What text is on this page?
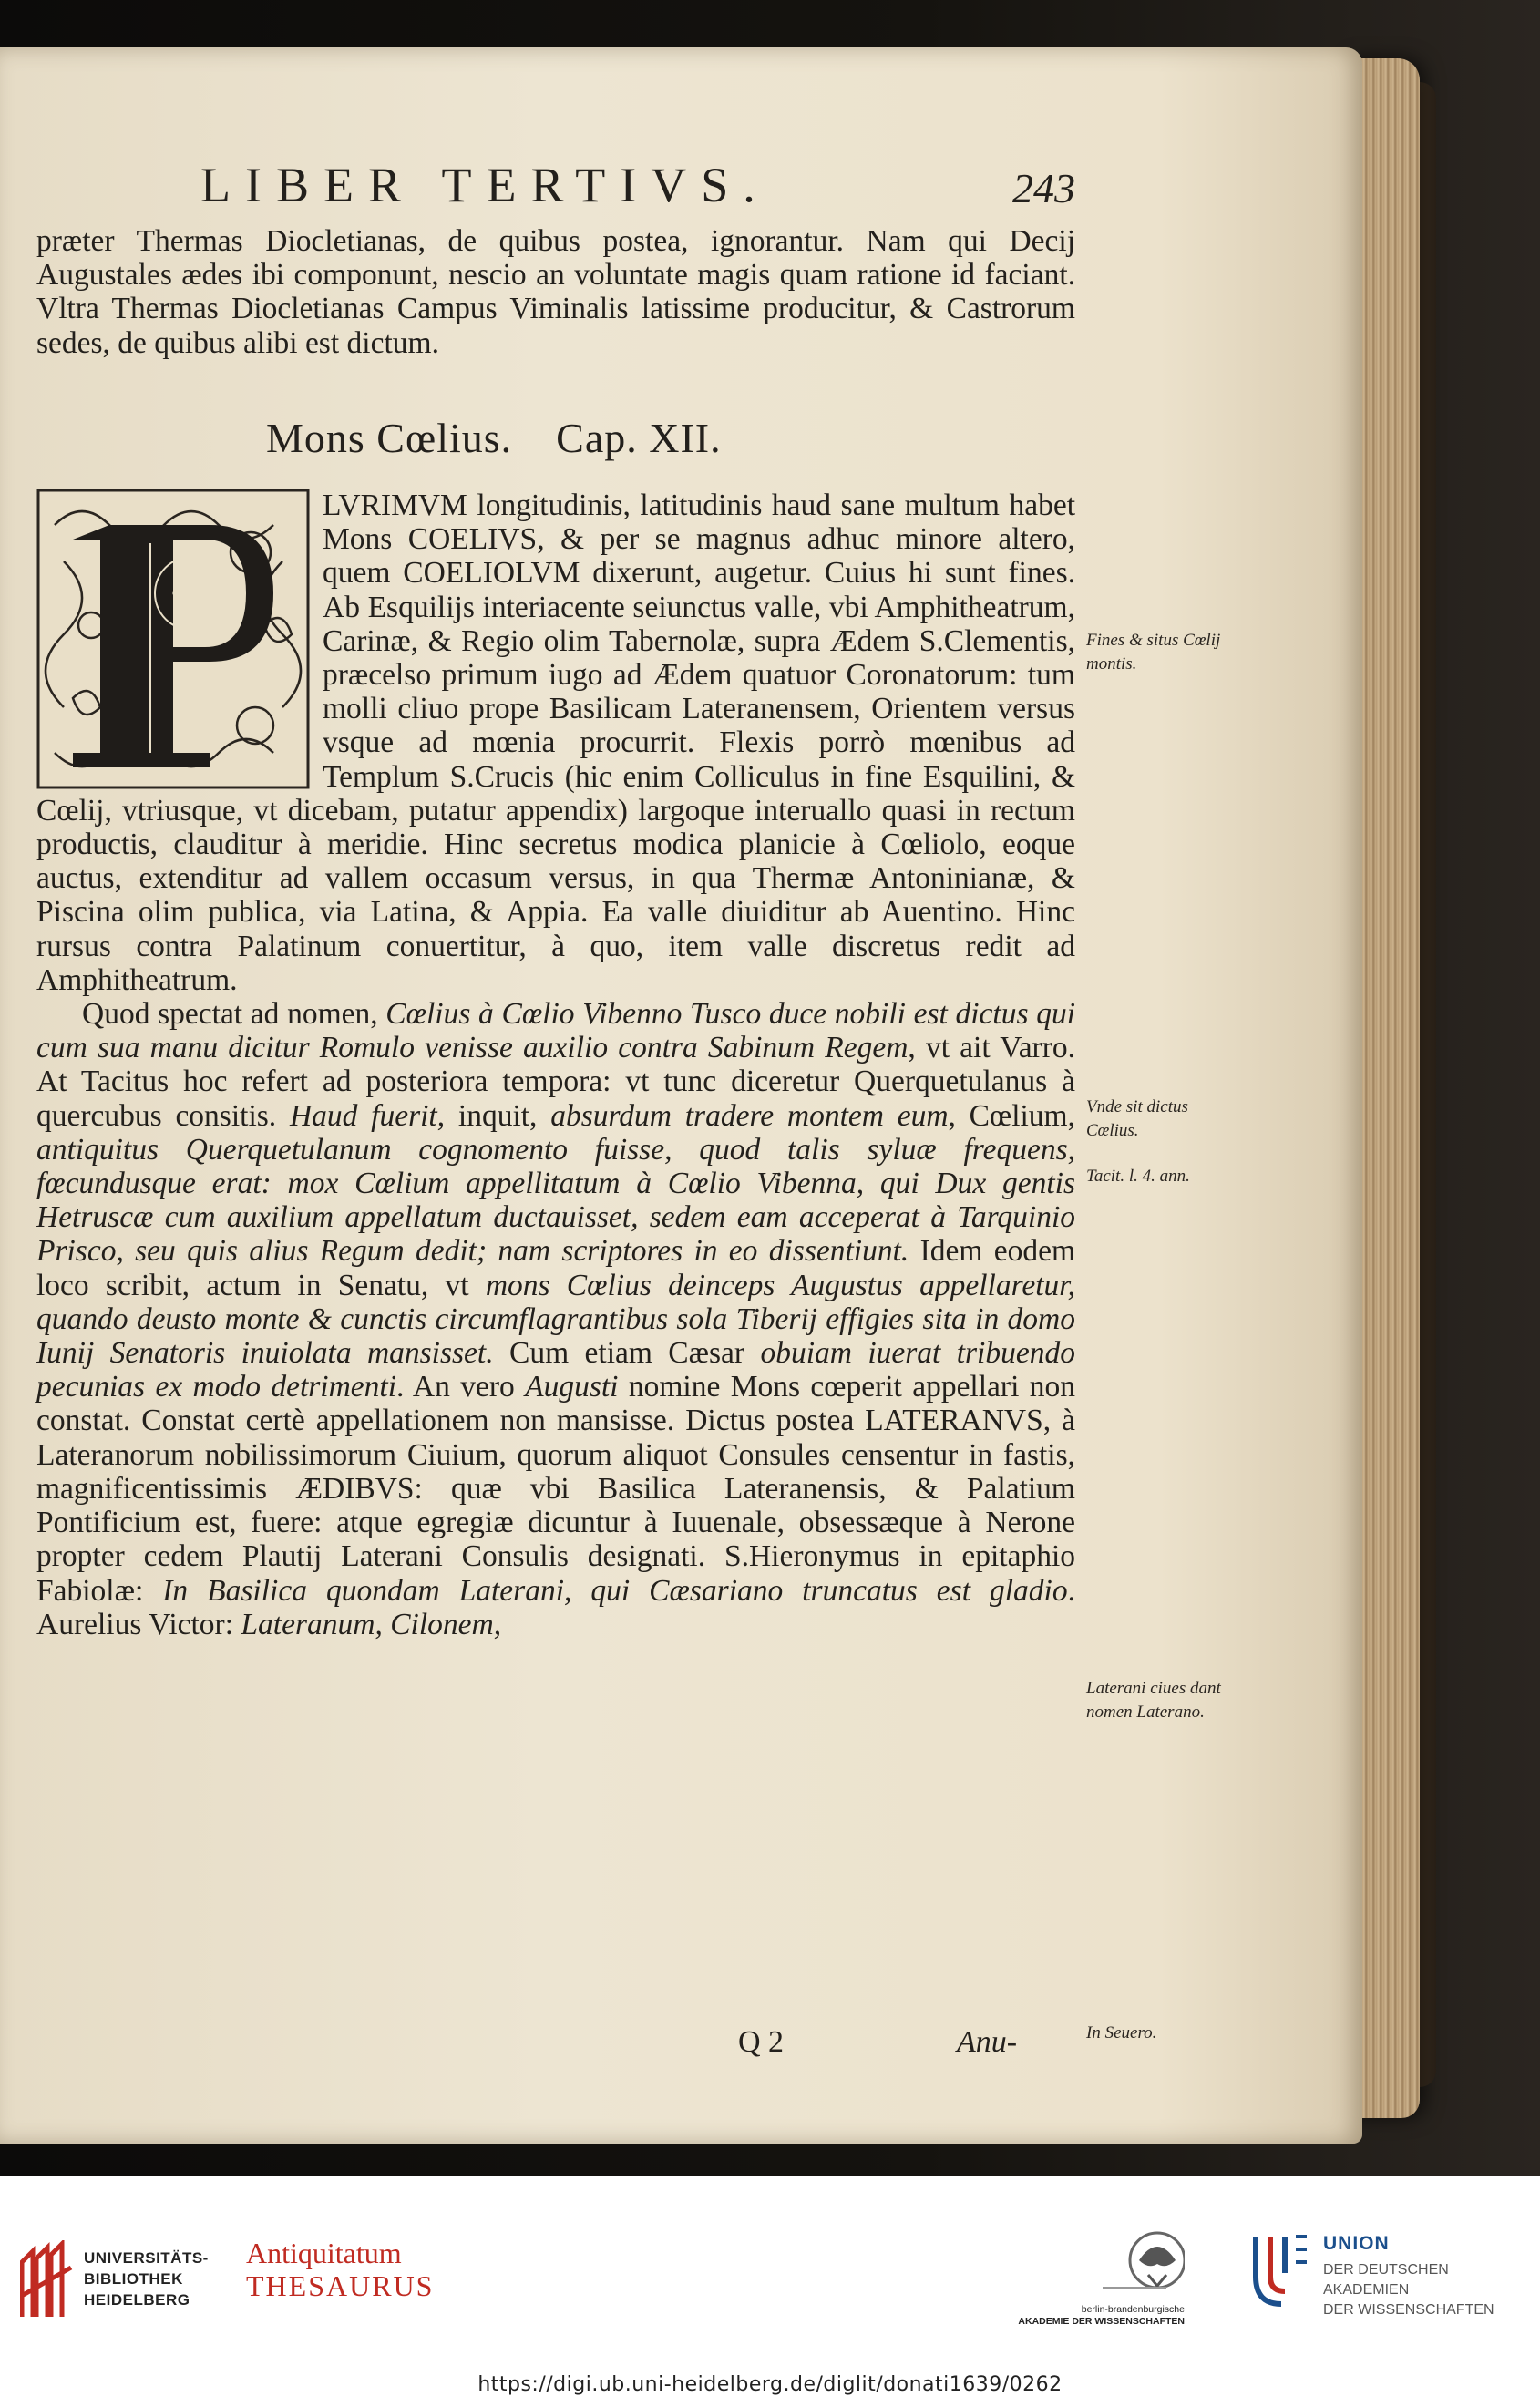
LIBER TERTIVS.	243

præter Thermas Diocletianas, de quibus postea, ignorantur. Nam qui Decij Augustales ædes ibi componunt, nescio an voluntate magis quam ratione id faciant. Vltra Thermas Diocletianas Campus Viminalis latissime producitur, & Castrorum sedes, de quibus alibi est dictum.

Mons Cœlius. Cap. XII.

LVRIMVM longitudinis, latitudinis haud sane multum habet Mons COELIVS, & per se magnus adhuc minore altero, quem COELIOLVM dixerunt, augetur. Cuius hi sunt fines. Ab Esquilijs interiacente seiunctus valle, vbi Amphitheatrum, Carinæ, & Regio olim Tabernolæ, supra Ædem S.Clementis, præcelso primum iugo ad Ædem quatuor Coronatorum: tum molli cliuo prope Basilicam Lateranensem, Orientem versus vsque ad mœnia procurrit. Flexis porrò mœnibus ad Templum S.Crucis (hic enim Colliculus in fine Esquilini, & Cœlij, vtriusque, vt dicebam, putatur appendix) largoque interuallo quasi in rectum productis, clauditur à meridie. Hinc secretus modica planicie à Cœliolo, eoque auctus, extenditur ad vallem occasum versus, in qua Thermæ Antoninianæ, & Piscina olim publica, via Latina, & Appia. Ea valle diuiditur ab Auentino. Hinc rursus contra Palatinum conuertitur, à quo, item valle discretus redit ad Amphitheatrum.

Quod spectat ad nomen, Cœlius à Cœlio Vibenno Tusco duce nobili est dictus qui cum sua manu dicitur Romulo venisse auxilio contra Sabinum Regem, vt ait Varro. At Tacitus hoc refert ad posteriora tempora: vt tunc diceretur Querquetulanus à quercubus consitis. Haud fuerit, inquit, absurdum tradere montem eum, Cœlium, antiquitus Querquetulanum cognomento fuisse, quod talis syluæ frequens, fœcundusque erat: mox Cœlium appellitatum à Cœlio Vibenna, qui Dux gentis Hetruscæ cum auxilium appellatum ductauisset, sedem eam acceperat à Tarquinio Prisco, seu quis alius Regum dedit; nam scriptores in eo dissentiunt. Idem eodem loco scribit, actum in Senatu, vt mons Cœlius deinceps Augustus appellaretur, quando deusto monte & cunctis circumflagrantibus sola Tiberij effigies sita in domo Iunij Senatoris inuiolata mansisset. Cum etiam Cæsar obuiam iuerat tribuendo pecunias ex modo detrimenti. An vero Augusti nomine Mons cœperit appellari non constat. Constat certè appellationem non mansisse. Dictus postea LATERANVS, à Lateranorum nobilissimorum Ciuium, quorum aliquot Consules censentur in fastis, magnificentissimis ÆDIBVS: quæ vbi Basilica Lateranensis, & Palatium Pontificium est, fuere: atque egregiæ dicuntur à Iuuenale, obsessæque à Nerone propter cedem Plautij Laterani Consulis designati. S.Hieronymus in epitaphio Fabiolæ: In Basilica quondam Laterani, qui Cæsariano truncatus est gladio. Aurelius Victor: Lateranum, Cilonem,

Fines & situs Cœlij montis.
Vnde sit dictus Cœlius.
Tacit. l. 4. ann.
Laterani ciues dant nomen Laterano.
In Seuero.
Q 2	Anu-
UNIVERSITÄTS-
BIBLIOTHEK
HEIDELBERG
Antiquitatum
THESAURUS
berlin-brandenburgische
AKADEMIE DER WISSENSCHAFTEN
UNION
DER DEUTSCHEN AKADEMIEN
DER WISSENSCHAFTEN
https://digi.ub.uni-heidelberg.de/diglit/donati1639/0262
